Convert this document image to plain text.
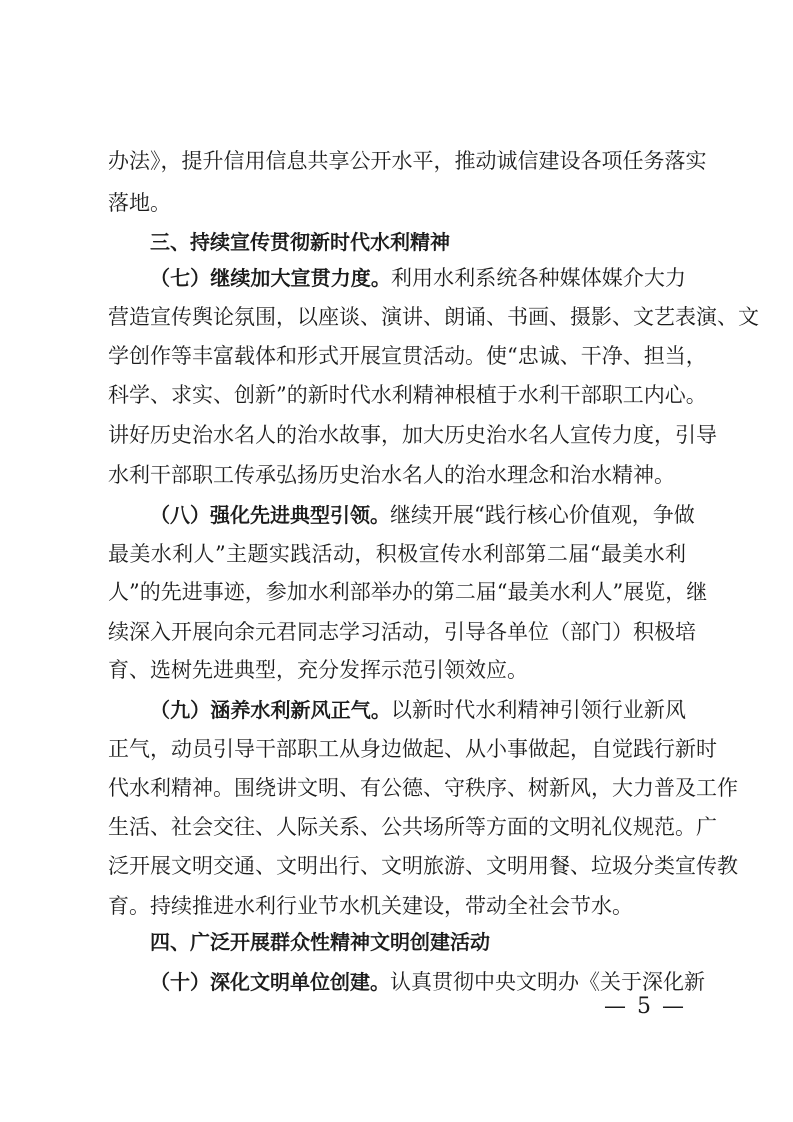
办法》，提升信用信息共享公开水平，推动诚信建设各项任务落实
落地。
三、持续宣传贯彻新时代水利精神
（七）继续加大宣贯力度。利用水利系统各种媒体媒介大力
营造宣传舆论氛围，以座谈、演讲、朗诵、书画、摄影、文艺表演、文
学创作等丰富载体和形式开展宣贯活动。使“忠诚、干净、担当，
科学、求实、创新”的新时代水利精神根植于水利干部职工内心。
讲好历史治水名人的治水故事，加大历史治水名人宣传力度，引导
水利干部职工传承弘扬历史治水名人的治水理念和治水精神。
（八）强化先进典型引领。继续开展“践行核心价值观，争做
最美水利人”主题实践活动，积极宣传水利部第二届“最美水利
人”的先进事迹，参加水利部举办的第二届“最美水利人”展览，继
续深入开展向余元君同志学习活动，引导各单位（部门）积极培
育、选树先进典型，充分发挥示范引领效应。
（九）涵养水利新风正气。以新时代水利精神引领行业新风
正气，动员引导干部职工从身边做起、从小事做起，自觉践行新时
代水利精神。围绕讲文明、有公德、守秩序、树新风，大力普及工作
生活、社会交往、人际关系、公共场所等方面的文明礼仪规范。广
泛开展文明交通、文明出行、文明旅游、文明用餐、垃圾分类宣传教
育。持续推进水利行业节水机关建设，带动全社会节水。
四、广泛开展群众性精神文明创建活动
（十）深化文明单位创建。认真贯彻中央文明办《关于深化新
— 5 —
